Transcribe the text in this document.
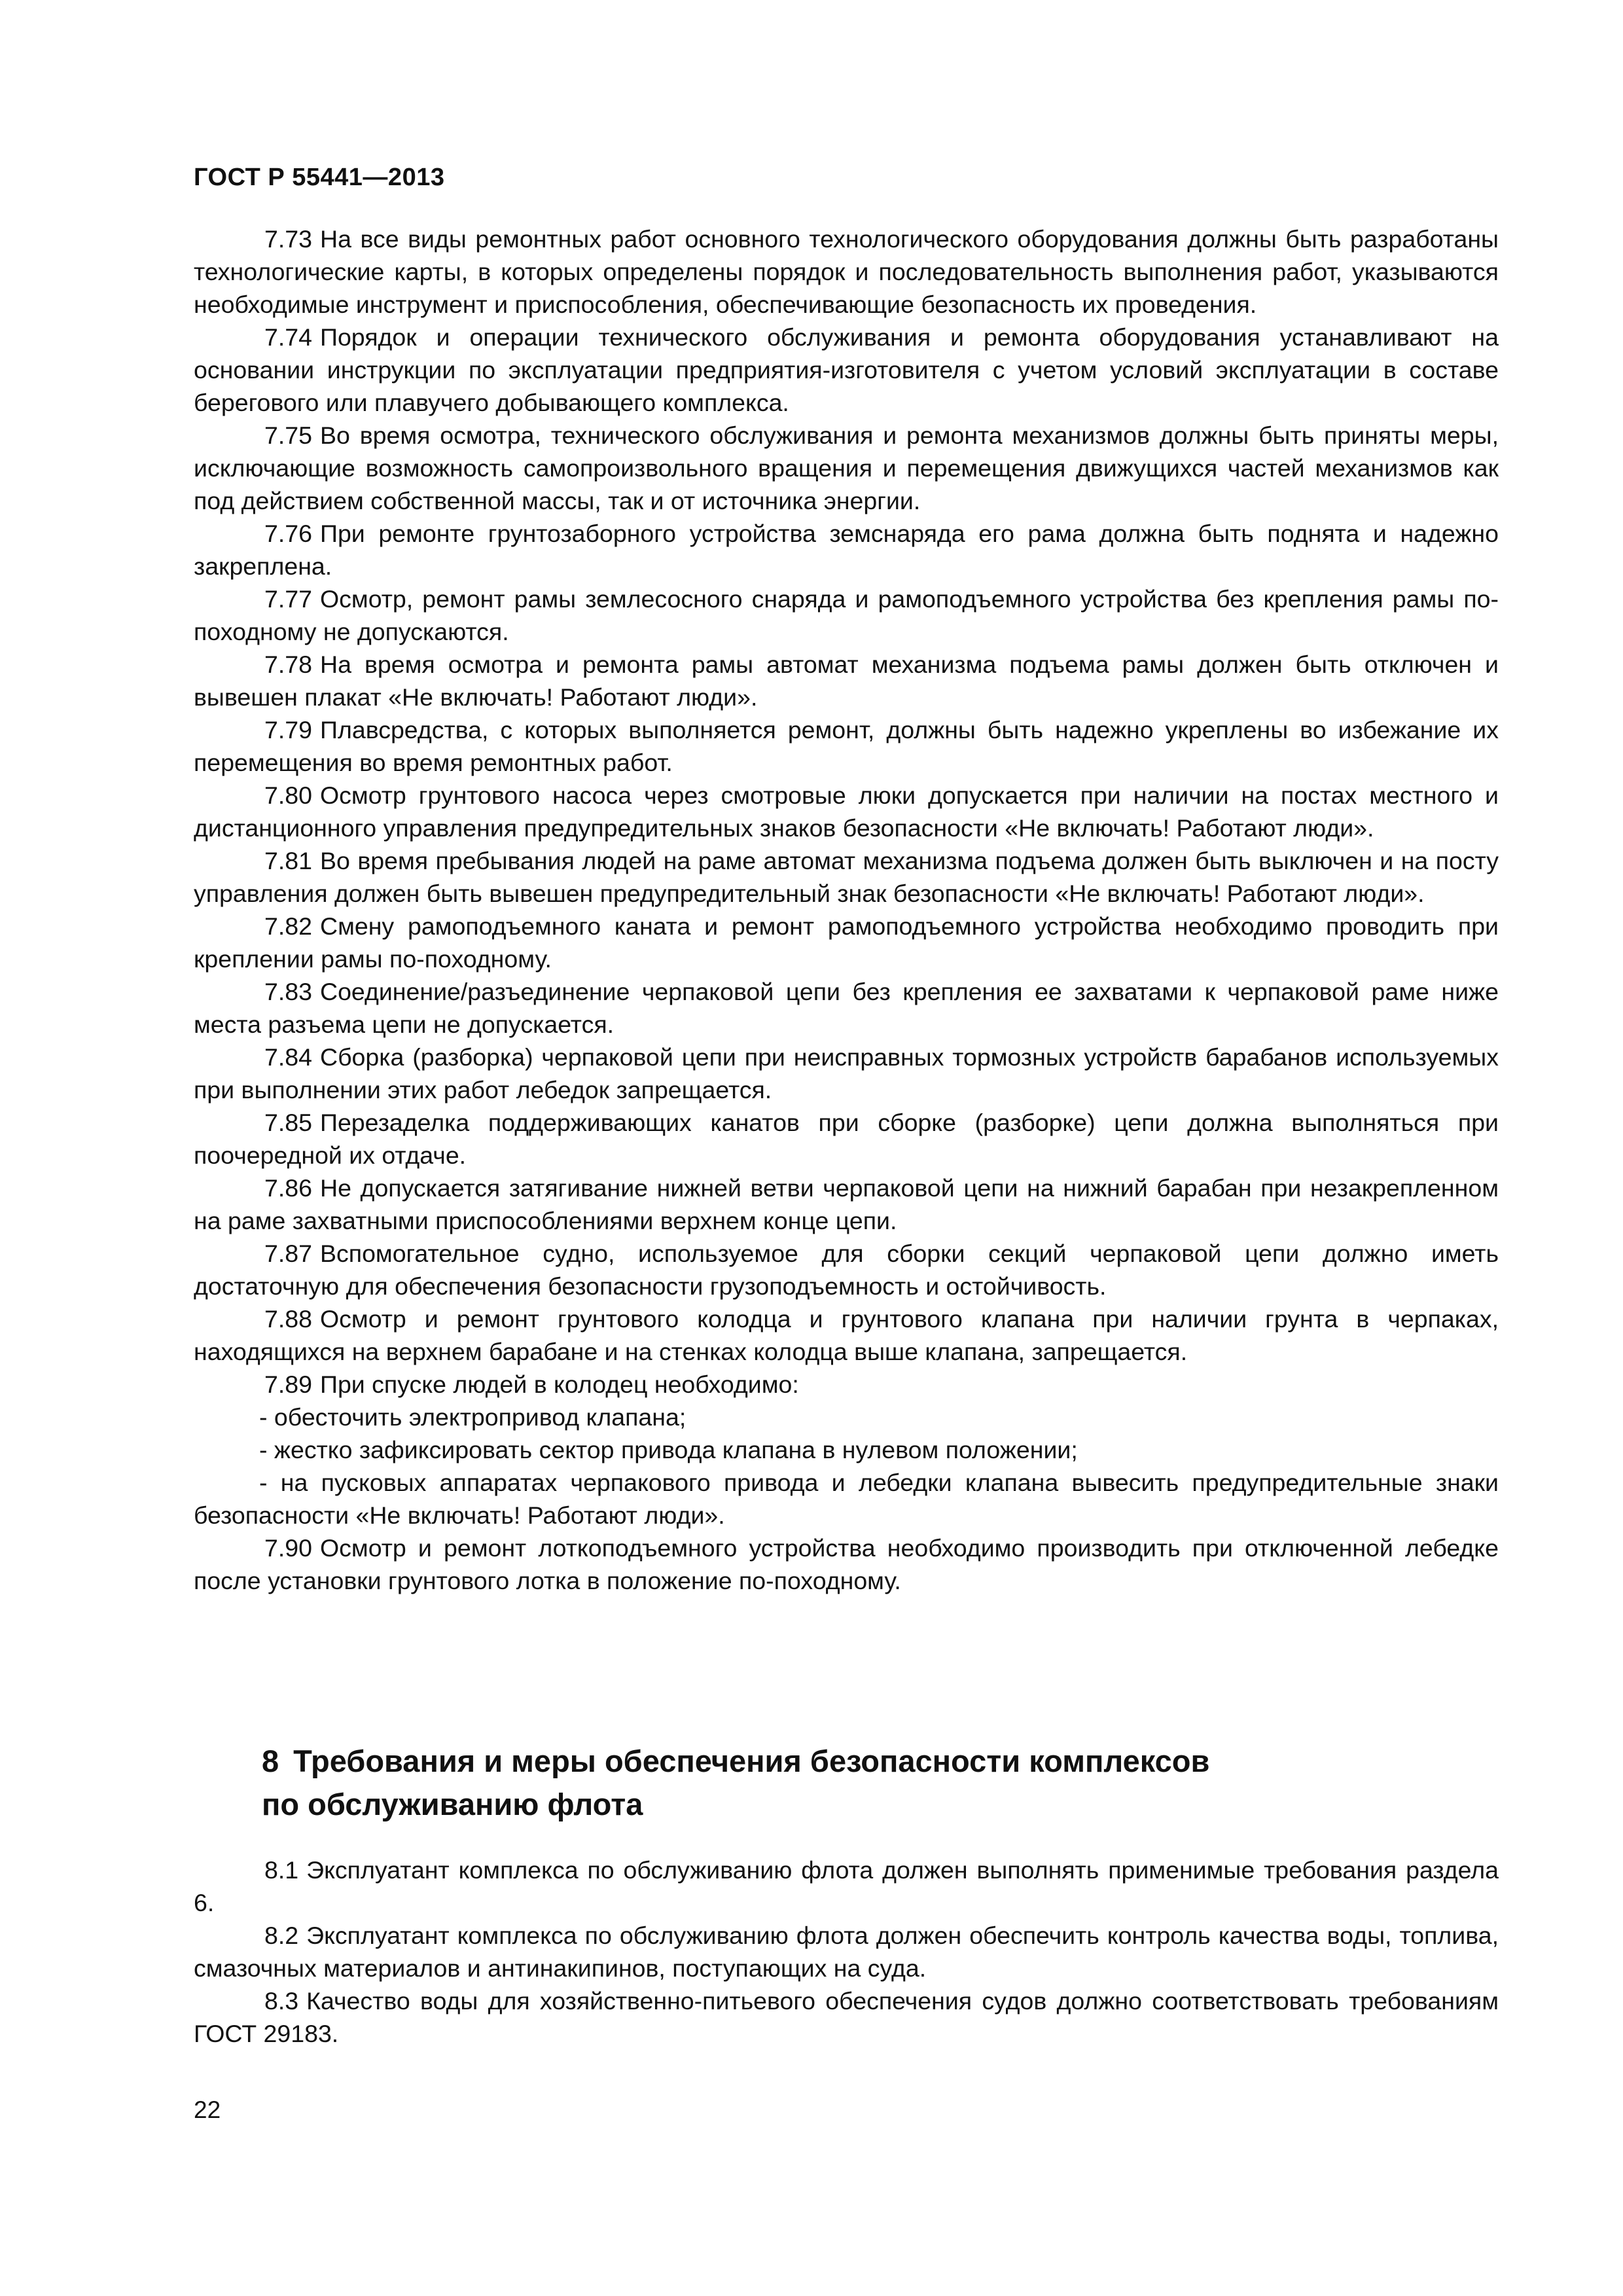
ГОСТ Р 55441—2013

7.73 На все виды ремонтных работ основного технологического оборудования должны быть разработаны технологические карты, в которых определены порядок и последовательность выполнения работ, указываются необходимые инструмент и приспособления, обеспечивающие безопасность их проведения.

7.74 Порядок и операции технического обслуживания и ремонта оборудования устанавливают на основании инструкции по эксплуатации предприятия-изготовителя с учетом условий эксплуатации в составе берегового или плавучего добывающего комплекса.

7.75 Во время осмотра, технического обслуживания и ремонта механизмов должны быть приняты меры, исключающие возможность самопроизвольного вращения и перемещения движущихся частей механизмов как под действием собственной массы, так и от источника энергии.

7.76 При ремонте грунтозаборного устройства земснаряда его рама должна быть поднята и надежно закреплена.

7.77 Осмотр, ремонт рамы землесосного снаряда и рамоподъемного устройства без крепления рамы по-походному не допускаются.

7.78 На время осмотра и ремонта рамы автомат механизма подъема рамы должен быть отключен и вывешен плакат «Не включать! Работают люди».

7.79 Плавсредства, с которых выполняется ремонт, должны быть надежно укреплены во избежание их перемещения во время ремонтных работ.

7.80 Осмотр грунтового насоса через смотровые люки допускается при наличии на постах местного и дистанционного управления предупредительных знаков безопасности «Не включать! Работают люди».

7.81 Во время пребывания людей на раме автомат механизма подъема должен быть выключен и на посту управления должен быть вывешен предупредительный знак безопасности «Не включать! Работают люди».

7.82 Смену рамоподъемного каната и ремонт рамоподъемного устройства необходимо проводить при креплении рамы по-походному.

7.83 Соединение/разъединение черпаковой цепи без крепления ее захватами к черпаковой раме ниже места разъема цепи не допускается.

7.84 Сборка (разборка) черпаковой цепи при неисправных тормозных устройств барабанов используемых при выполнении этих работ лебедок запрещается.

7.85 Перезаделка поддерживающих канатов при сборке (разборке) цепи должна выполняться при поочередной их отдаче.

7.86 Не допускается затягивание нижней ветви черпаковой цепи на нижний барабан при незакрепленном на раме захватными приспособлениями верхнем конце цепи.

7.87 Вспомогательное судно, используемое для сборки секций черпаковой цепи должно иметь достаточную для обеспечения безопасности грузоподъемность и остойчивость.

7.88 Осмотр и ремонт грунтового колодца и грунтового клапана при наличии грунта в черпаках, находящихся на верхнем барабане и на стенках колодца выше клапана, запрещается.

7.89 При спуске людей в колодец необходимо:

- обесточить электропривод клапана;

- жестко зафиксировать сектор привода клапана в нулевом положении;

- на пусковых аппаратах черпакового привода и лебедки клапана вывесить предупредительные знаки безопасности «Не включать! Работают люди».

7.90 Осмотр и ремонт лоткоподъемного устройства необходимо производить при отключенной лебедке после установки грунтового лотка в положение по-походному.

8 Требования и меры обеспечения безопасности комплексов
по обслуживанию флота

8.1 Эксплуатант комплекса по обслуживанию флота должен выполнять применимые требования раздела 6.

8.2 Эксплуатант комплекса по обслуживанию флота должен обеспечить контроль качества воды, топлива, смазочных материалов и антинакипинов, поступающих на суда.

8.3 Качество воды для хозяйственно-питьевого обеспечения судов должно соответствовать требованиям ГОСТ 29183.

22
